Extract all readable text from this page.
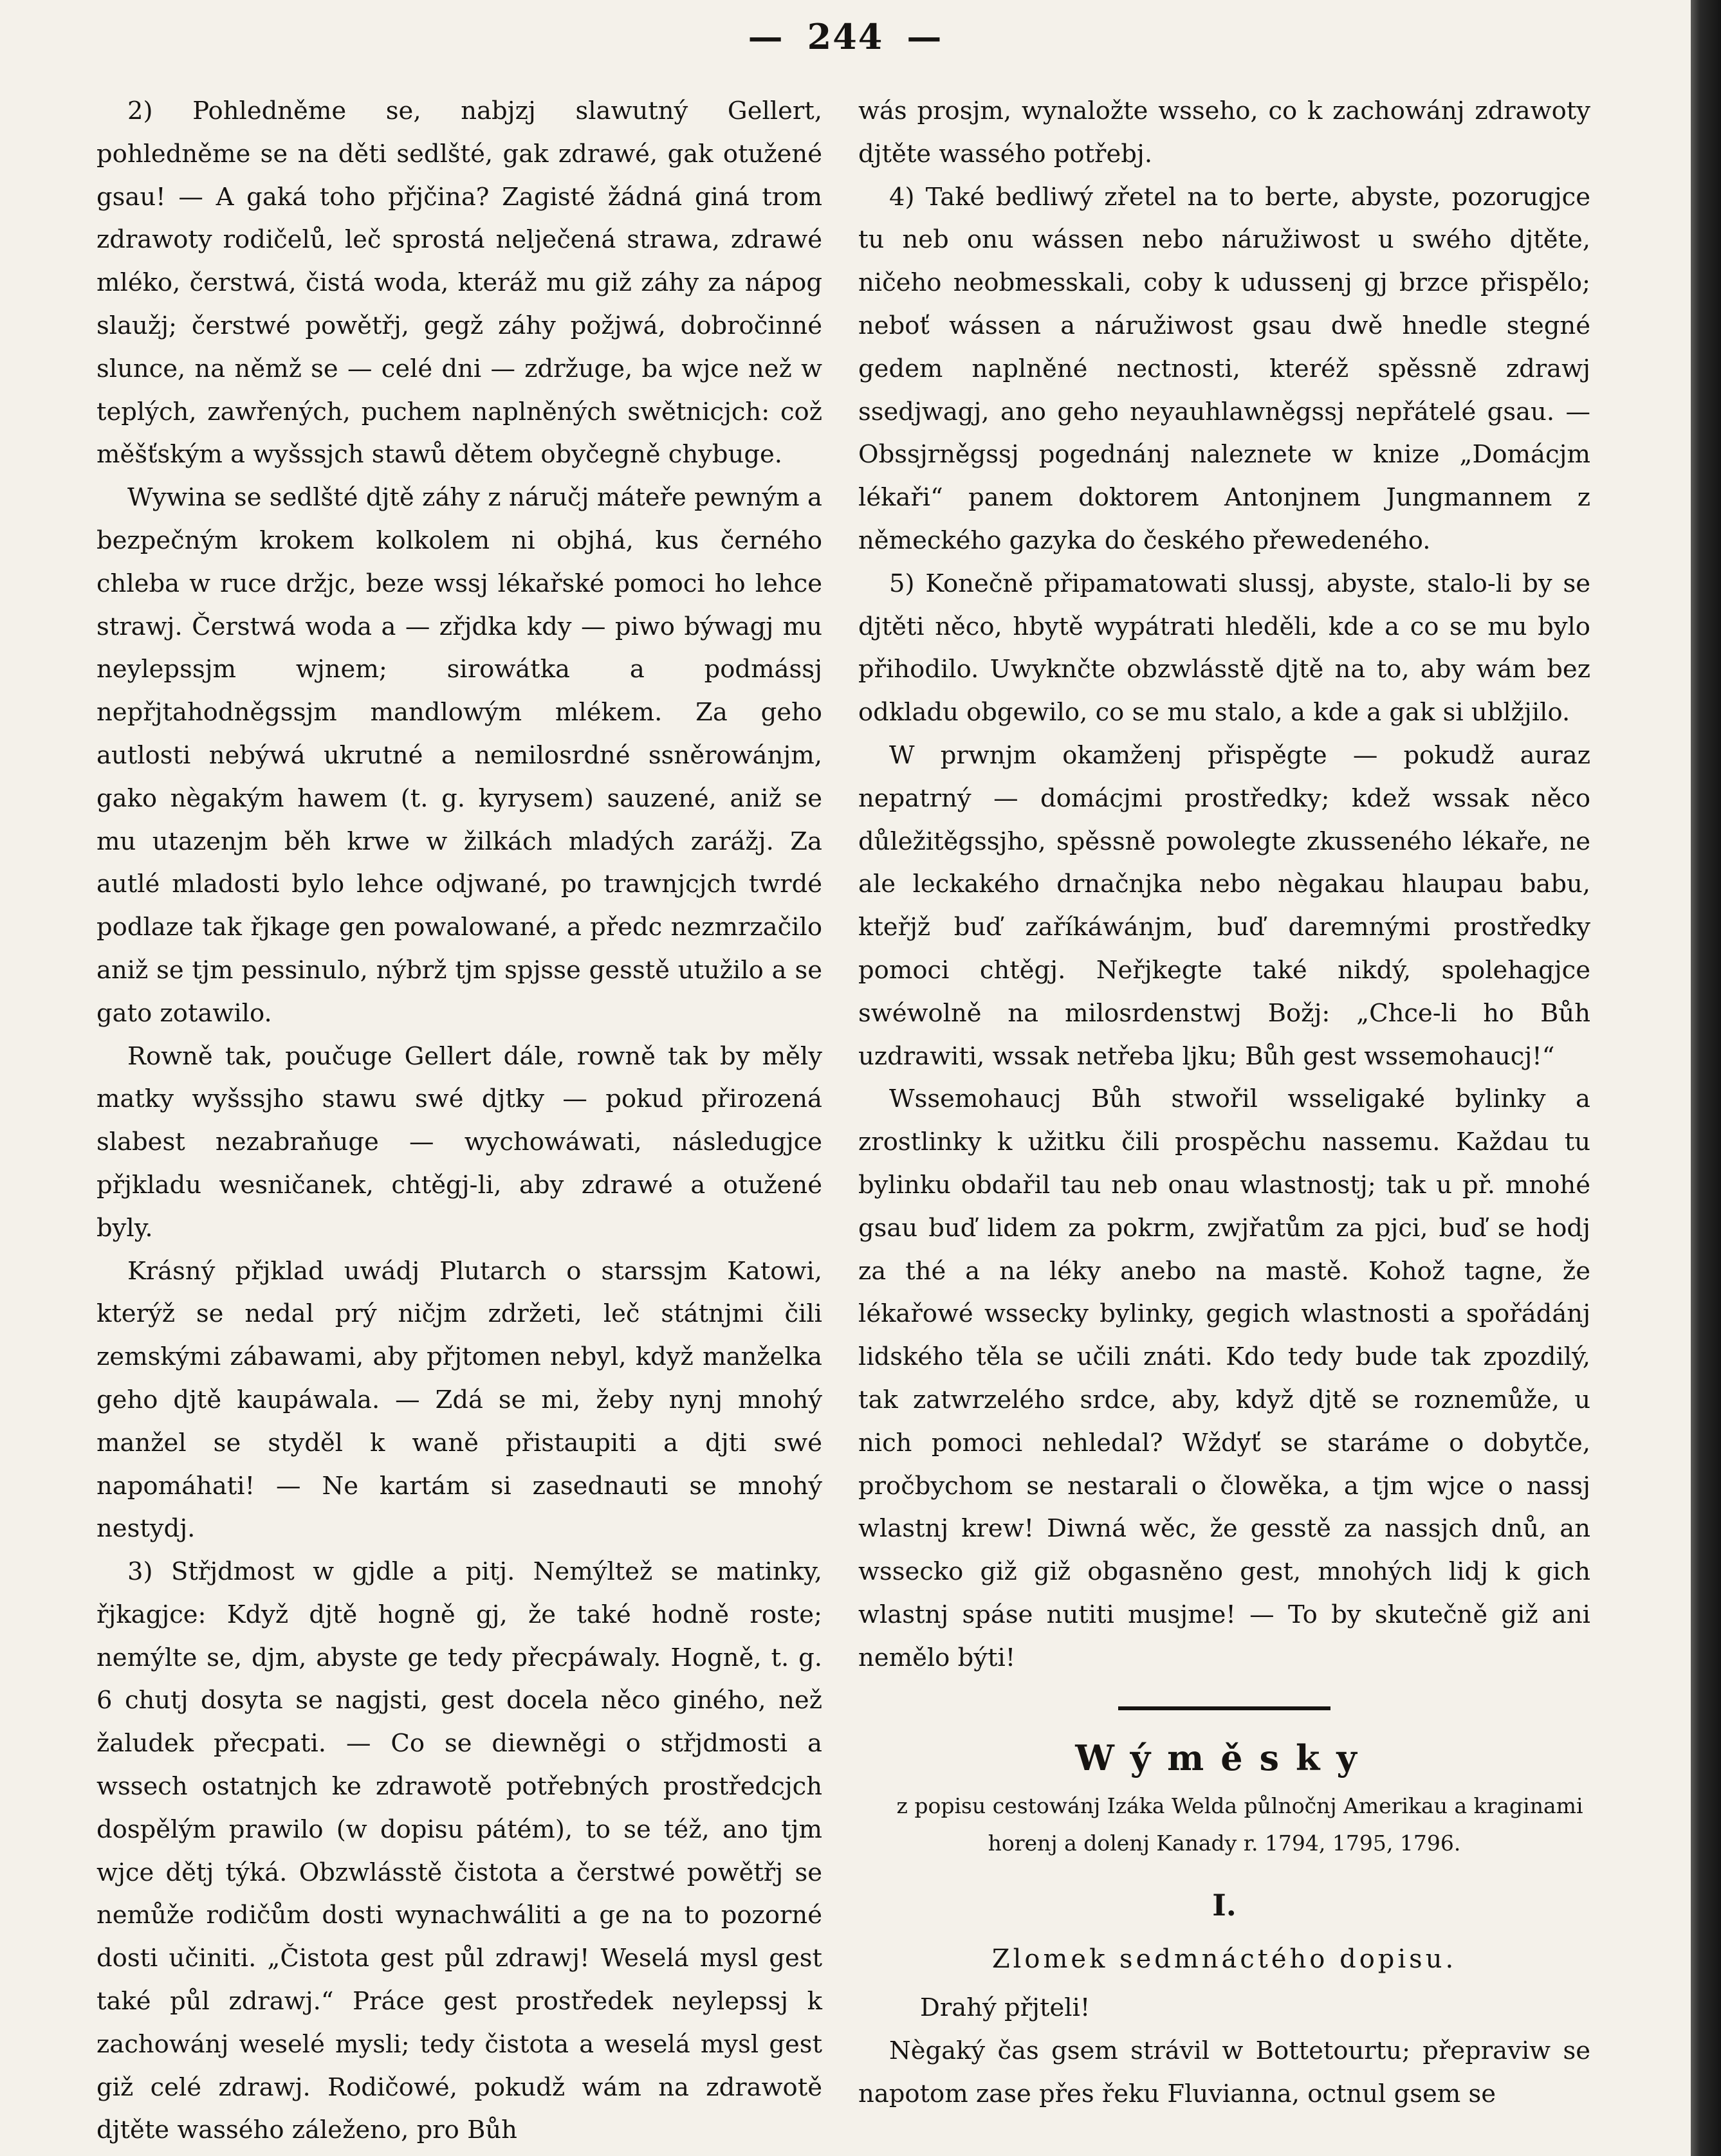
— 244 —

2) Pohledněme se, nabjzj slawutný Gellert, pohledněme se na děti sedlšté, gak zdrawé, gak otužené gsau! — A gaká toho přjčina? Zagisté žádná giná trom zdrawoty rodičelů, leč sprostá nelječená strawa, zdrawé mléko, čerstwá, čistá woda, kteráž mu giž záhy za nápog slaužj; čerstwé powětřj, gegž záhy požjwá, dobročinné slunce, na němž se — celé dni — zdržuge, ba wjce než w teplých, zawřených, puchem naplněných swětnicjch: což měšťským a wyšssjch stawů dětem obyčegně chybuge.

Wywina se sedlšté djtě záhy z náručj máteře pewným a bezpečným krokem kolkolem ni objhá, kus černého chleba w ruce držjc, beze wssj lékařské pomoci ho lehce strawj. Čerstwá woda a — zřjdka kdy — piwo býwagj mu neylepssjm wjnem; sirowátka a podmássj nepřjtahodněgssjm mandlowým mlékem. Za geho autlosti nebýwá ukrutné a nemilosrdné ssněrowánjm, gako nègakým hawem (t. g. kyrysem) sauzené, aniž se mu utazenjm běh krwe w žilkách mladých zarážj. Za autlé mladosti bylo lehce odjwané, po trawnjcjch twrdé podlaze tak řjkage gen powalowané, a předc nezmrzačilo aniž se tjm pessinulo, nýbrž tjm spjsse gesstě utužilo a se gato zotawilo.

Rowně tak, poučuge Gellert dále, rowně tak by měly matky wyšssjho stawu swé djtky — pokud přirozená slabest nezabraňuge — wychowáwati, následugjce přjkladu wesničanek, chtěgj-li, aby zdrawé a otužené byly.

Krásný přjklad uwádj Plutarch o starssjm Katowi, kterýž se nedal prý ničjm zdržeti, leč státnjmi čili zemskými zábawami, aby přjtomen nebyl, když manželka geho djtě kaupáwala. — Zdá se mi, žeby nynj mnohý manžel se styděl k waně přistaupiti a djti swé napomáhati! — Ne kartám si zasednauti se mnohý nestydj.

3) Střjdmost w gjdle a pitj. Nemýltež se matinky, řjkagjce: Když djtě hogně gj, že také hodně roste; nemýlte se, djm, abyste ge tedy přecpáwaly. Hogně, t. g. 6 chutj dosyta se nagjsti, gest docela něco giného, než žaludek přecpati. — Co se diewněgi o střjdmosti a wssech ostatnjch ke zdrawotě potřebných prostředcjch dospělým prawilo (w dopisu pátém), to se též, ano tjm wjce dětj týká. Obzwlásstě čistota a čerstwé powětřj se nemůže rodičům dosti wynachwáliti a ge na to pozorné dosti učiniti. „Čistota gest půl zdrawj! Weselá mysl gest také půl zdrawj.“ Práce gest prostředek neylepssj k zachowánj weselé mysli; tedy čistota a weselá mysl gest giž celé zdrawj. Rodičowé, pokudž wám na zdrawotě djtěte wassého záleženo, pro Bůh

wás prosjm, wynaložte wsseho, co k zachowánj zdrawoty djtěte wassého potřebj.

4) Také bedliwý zřetel na to berte, abyste, pozorugjce tu neb onu wássen nebo náružiwost u swého djtěte, ničeho neobmesskali, coby k udussenj gj brzce přispělo; neboť wássen a náružiwost gsau dwě hnedle stegné gedem naplněné nectnosti, kteréž spěssně zdrawj ssedjwagj, ano geho neyauhlawněgssj nepřátelé gsau. — Obssjrněgssj pogednánj naleznete w knize „Domácjm lékaři“ panem doktorem Antonjnem Jungmannem z německého gazyka do českého přewedeného.

5) Konečně připamatowati slussj, abyste, stalo-li by se djtěti něco, hbytě wypátrati hleděli, kde a co se mu bylo přihodilo. Uwyknčte obzwlásstě djtě na to, aby wám bez odkladu obgewilo, co se mu stalo, a kde a gak si ublžjilo.

W prwnjm okamženj přispěgte — pokudž auraz nepatrný — domácjmi prostředky; kdež wssak něco důležitěgssjho, spěssně powolegte zkusseného lékaře, ne ale leckakého drnačnjka nebo nègakau hlaupau babu, kteřjž buď zaříkáwánjm, buď daremnými prostředky pomoci chtěgj. Neřjkegte také nikdý, spolehagjce swéwolně na milosrdenstwj Božj: „Chce-li ho Bůh uzdrawiti, wssak netřeba ljku; Bůh gest wssemohaucj!“

Wssemohaucj Bůh stwořil wsseligaké bylinky a zrostlinky k užitku čili prospěchu nassemu. Každau tu bylinku obdařil tau neb onau wlastnostj; tak u př. mnohé gsau buď lidem za pokrm, zwjřatům za pjci, buď se hodj za thé a na léky anebo na mastě. Kohož tagne, že lékařowé wssecky bylinky, gegich wlastnosti a spořádánj lidského těla se učili znáti. Kdo tedy bude tak zpozdilý, tak zatwrzelého srdce, aby, když djtě se roznemůže, u nich pomoci nehledal? Wždyť se staráme o dobytče, pročbychom se nestarali o člowěka, a tjm wjce o nassj wlastnj krew! Diwná wěc, že gesstě za nassjch dnů, an wssecko giž giž obgasněno gest, mnohých lidj k gich wlastnj spáse nutiti musjme! — To by skutečně giž ani nemělo býti!

Wýměsky

z popisu cestowánj Izáka Welda půlnočnj Amerikau a kraginami horenj a dolenj Kanady r. 1794, 1795, 1796.

I.
Zlomek sedmnáctého dopisu.

Drahý přjteli!

Nègaký čas gsem strávil w Bottetourtu; přepraviw se napotom zase přes řeku Fluvianna, octnul gsem se
